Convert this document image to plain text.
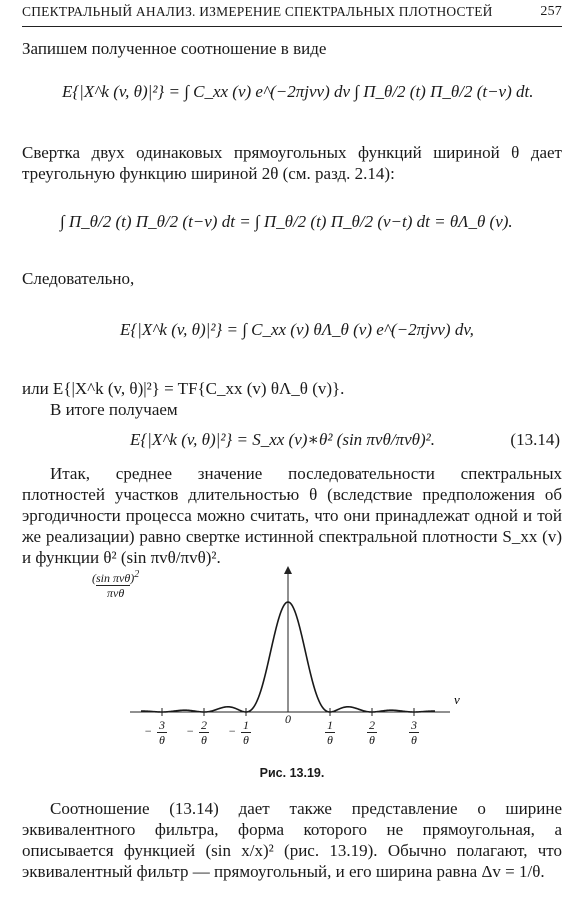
СПЕКТРАЛЬНЫЙ АНАЛИЗ. ИЗМЕРЕНИЕ СПЕКТРАЛЬНЫХ ПЛОТНОСТЕЙ	257
Запишем полученное соотношение в виде
E{|X^k (v, θ)|²} = ∫ C_xx (v) e^(−2πjvv) dv ∫ Π_θ/2 (t) Π_θ/2 (t−v) dt.
Свертка двух одинаковых прямоугольных функций шириной θ дает треугольную функцию шириной 2θ (см. разд. 2.14):
∫ Π_θ/2 (t) Π_θ/2 (t−v) dt = ∫ Π_θ/2 (t) Π_θ/2 (v−t) dt = θΛ_θ (v).
Следовательно,
E{|X^k (v, θ)|²} = ∫ C_xx (v) θΛ_θ (v) e^(−2πjvv) dv,
или E{|X^k (v, θ)|²} = TF{C_xx (v) θΛ_θ (v)}.
В итоге получаем
E{|X^k (v, θ)|²} = S_xx (v)∗θ² (sin πvθ/πvθ)².	(13.14)
Итак, среднее значение последовательности спектральных плотностей участков длительностью θ (вследствие предположения об эргодичности процесса можно считать, что они принадлежат одной и той же реализации) равно свертке истинной спектральной плотности S_xx (v) и функции θ² (sin πvθ/πvθ)².
(sin πvθ)$^2$
πvθ
v
− 3
θ
− 2
θ
− 1
θ
0	1
θ
2
θ
3
θ
Рис. 13.19.
Соотношение (13.14) дает также представление о ширине эквивалентного фильтра, форма которого не прямоугольная, а описывается функцией (sin x/x)² (рис. 13.19). Обычно полагают, что эквивалентный фильтр — прямоугольный, и его ширина равна Δv = 1/θ.
